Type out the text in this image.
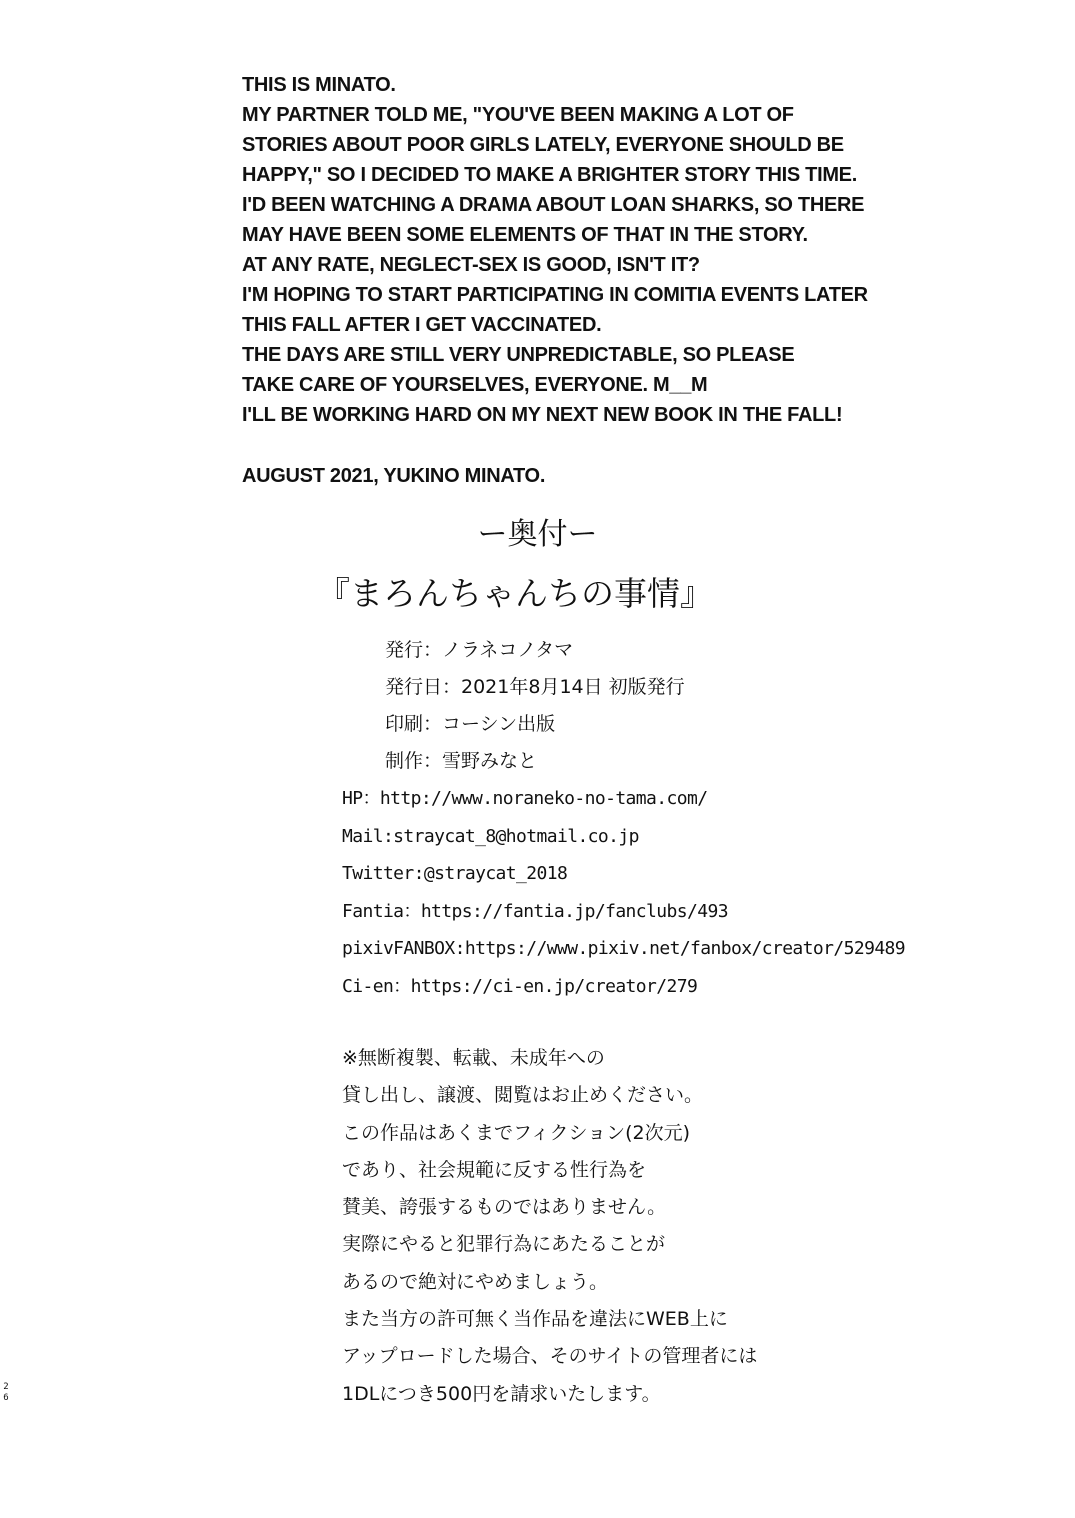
THIS IS MINATO.
MY PARTNER TOLD ME, "YOU'VE BEEN MAKING A LOT OF
STORIES ABOUT POOR GIRLS LATELY, EVERYONE SHOULD BE
HAPPY," SO I DECIDED TO MAKE A BRIGHTER STORY THIS TIME.
I'D BEEN WATCHING A DRAMA ABOUT LOAN SHARKS, SO THERE
MAY HAVE BEEN SOME ELEMENTS OF THAT IN THE STORY.
AT ANY RATE, NEGLECT-SEX IS GOOD, ISN'T IT?
I'M HOPING TO START PARTICIPATING IN COMITIA EVENTS LATER
THIS FALL AFTER I GET VACCINATED.
THE DAYS ARE STILL VERY UNPREDICTABLE, SO PLEASE
TAKE CARE OF YOURSELVES, EVERYONE. M__M
I'LL BE WORKING HARD ON MY NEXT NEW BOOK IN THE FALL!
AUGUST 2021, YUKINO MINATO.
ー奥付ー
『まろんちゃんちの事情』
発行：ノラネコノタマ
発行日：2021年8月14日 初版発行
印刷：コーシン出版
制作：雪野みなと
HP：http://www.noraneko-no-tama.com/
Mail:straycat_8@hotmail.co.jp
Twitter:@straycat_2018
Fantia：https://fantia.jp/fanclubs/493
pixivFANBOX:https://www.pixiv.net/fanbox/creator/529489
Ci-en：https://ci-en.jp/creator/279
※無断複製、転載、未成年への
貸し出し、譲渡、閲覧はお止めください。
この作品はあくまでフィクション(2次元)
であり、社会規範に反する性行為を
賛美、誇張するものではありません。
実際にやると犯罪行為にあたることが
あるので絶対にやめましょう。
また当方の許可無く当作品を違法にWEB上に
アップロードした場合、そのサイトの管理者には
1DLにつき500円を請求いたします。
2
6
